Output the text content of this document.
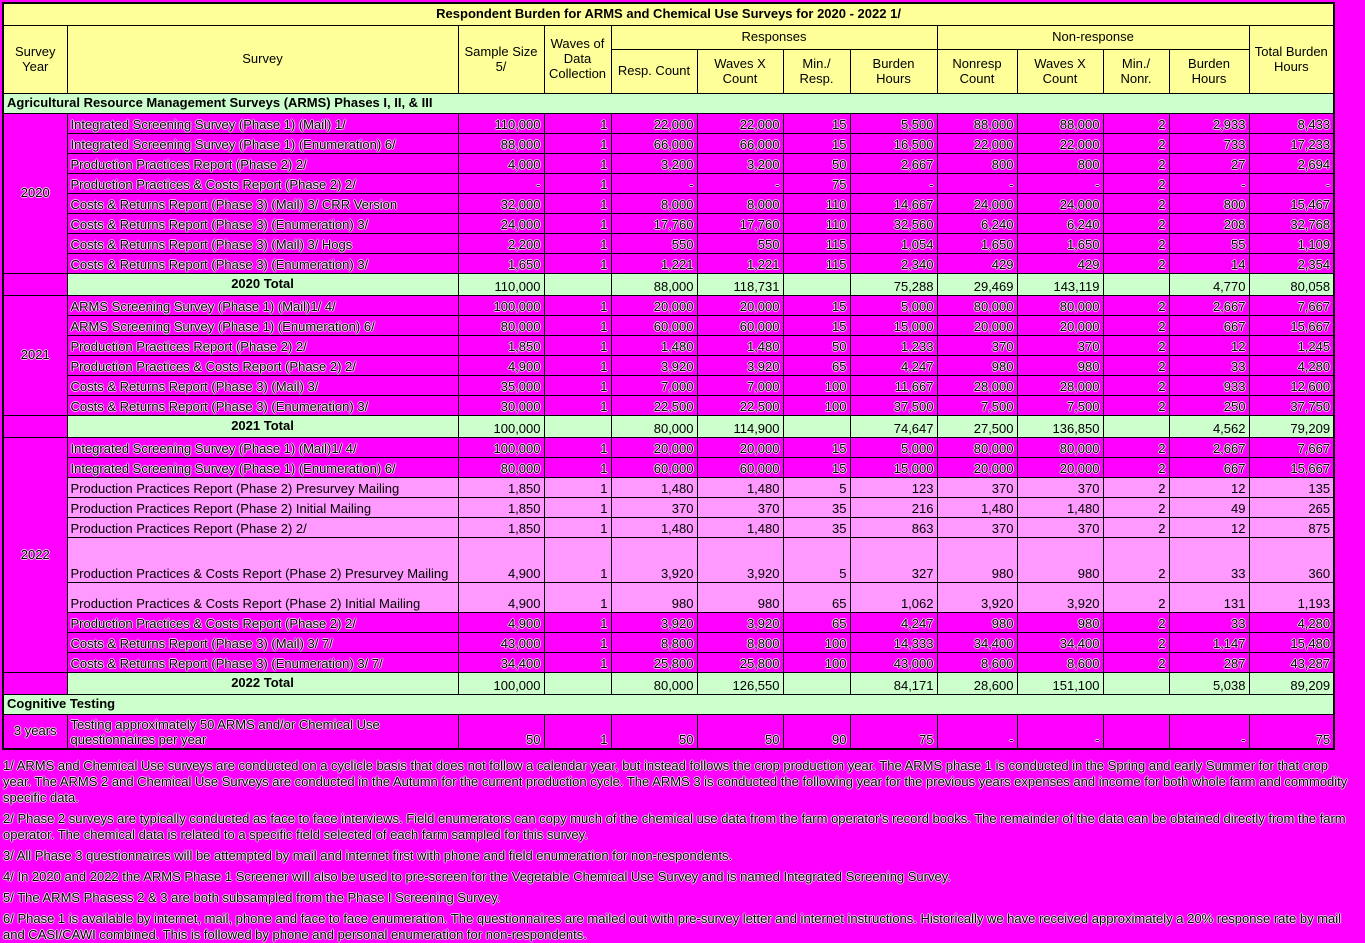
Respondent Burden for ARMS and Chemical Use Surveys for 2020 - 2022 1/												
Survey Year	Survey	Sample Size 5/	Waves of Data Collection	Responses				Non-response				Total Burden Hours
				Resp. Count	Waves X Count	Min./ Resp.	Burden Hours	Nonresp Count	Waves X Count	Min./ Nonr.	Burden Hours	
Agricultural Resource Management Surveys (ARMS) Phases I, II, & III												
2020	Integrated Screening Survey (Phase 1) (Mail) 1/	110,000	1	22,000	22,000	15	5,500	88,000	88,000	2	2,933	8,433
	Integrated Screening Survey (Phase 1) (Enumeration) 6/	88,000	1	66,000	66,000	15	16,500	22,000	22,000	2	733	17,233
	Production Practices Report (Phase 2) 2/	4,000	1	3,200	3,200	50	2,667	800	800	2	27	2,694
	Production Practices & Costs Report (Phase 2) 2/	-	1	-	-	75	-	-	-	2	-	-
	Costs & Returns Report (Phase 3) (Mail) 3/ CRR Version	32,000	1	8,000	8,000	110	14,667	24,000	24,000	2	800	15,467
	Costs & Returns Report (Phase 3) (Enumeration) 3/	24,000	1	17,760	17,760	110	32,560	6,240	6,240	2	208	32,768
	Costs & Returns Report (Phase 3) (Mail) 3/ Hogs	2,200	1	550	550	115	1,054	1,650	1,650	2	55	1,109
	Costs & Returns Report (Phase 3) (Enumeration) 3/	1,650	1	1,221	1,221	115	2,340	429	429	2	14	2,354
	2020 Total	110,000		88,000	118,731		75,288	29,469	143,119		4,770	80,058
2021	ARMS Screening Survey (Phase 1) (Mail)1/ 4/	100,000	1	20,000	20,000	15	5,000	80,000	80,000	2	2,667	7,667
	ARMS Screening Survey (Phase 1) (Enumeration) 6/	80,000	1	60,000	60,000	15	15,000	20,000	20,000	2	667	15,667
	Production Practices Report (Phase 2) 2/	1,850	1	1,480	1,480	50	1,233	370	370	2	12	1,245
	Production Practices & Costs Report (Phase 2) 2/	4,900	1	3,920	3,920	65	4,247	980	980	2	33	4,280
	Costs & Returns Report (Phase 3) (Mail) 3/	35,000	1	7,000	7,000	100	11,667	28,000	28,000	2	933	12,600
	Costs & Returns Report (Phase 3) (Enumeration) 3/	30,000	1	22,500	22,500	100	37,500	7,500	7,500	2	250	37,750
	2021 Total	100,000		80,000	114,900		74,647	27,500	136,850		4,562	79,209
2022	Integrated Screening Survey (Phase 1) (Mail)1/ 4/	100,000	1	20,000	20,000	15	5,000	80,000	80,000	2	2,667	7,667
	Integrated Screening Survey (Phase 1) (Enumeration) 6/	80,000	1	60,000	60,000	15	15,000	20,000	20,000	2	667	15,667
	Production Practices Report (Phase 2) Presurvey Mailing	1,850	1	1,480	1,480	5	123	370	370	2	12	135
	Production Practices Report (Phase 2) Initial Mailing	1,850	1	370	370	35	216	1,480	1,480	2	49	265
	Production Practices Report (Phase 2) 2/	1,850	1	1,480	1,480	35	863	370	370	2	12	875
	Production Practices & Costs Report (Phase 2) Presurvey Mailing	4,900	1	3,920	3,920	5	327	980	980	2	33	360
	Production Practices & Costs Report (Phase 2) Initial Mailing	4,900	1	980	980	65	1,062	3,920	3,920	2	131	1,193
	Production Practices & Costs Report (Phase 2) 2/	4,900	1	3,920	3,920	65	4,247	980	980	2	33	4,280
	Costs & Returns Report (Phase 3) (Mail) 3/ 7/	43,000	1	8,800	8,800	100	14,333	34,400	34,400	2	1,147	15,480
	Costs & Returns Report (Phase 3) (Enumeration) 3/ 7/	34,400	1	25,800	25,800	100	43,000	8,600	8,600	2	287	43,287
	2022 Total	100,000		80,000	126,550		84,171	28,600	151,100		5,038	89,209
Cognitive Testing												
3 years	Testing approximately 50 ARMS and/or Chemical Use questionnaires per year	50	1	50	50	90	75	-	-		-	75

1/ ARMS and Chemical Use surveys are conducted on a cyclicle basis that does not follow a calendar year, but instead follows the crop production year. The ARMS phase 1 is conducted in the Spring and early Summer for that crop year. The ARMS 2 and Chemical Use Surveys are conducted in the Autumn for the current production cycle. The ARMS 3 is conducted the following year for the previous years expenses and income for both whole farm and commodity specific data.

2/ Phase 2 surveys are typically conducted as face to face interviews. Field enumerators can copy much of the chemical use data from the farm operator's record books. The remainder of the data can be obtained directly from the farm operator. The chemical data is related to a specific field selected of each farm sampled for this survey.

3/ All Phase 3 questionnaires will be attempted by mail and internet first with phone and field enumeration for non-respondents.

4/ In 2020 and 2022 the ARMS Phase 1 Screener will also be used to pre-screen for the Vegetable Chemical Use Survey and is named Integrated Screening Survey.

5/ The ARMS Phasess 2 & 3 are both subsampled from the Phase I Screening Survey.

6/ Phase 1 is available by internet, mail, phone and face to face enumeration. The questionnaires are mailed out with pre-survey letter and internet instructions. Historically we have received approximately a 20% response rate by mail and CASI/CAWI combined. This is followed by phone and personal enumeration for non-respondents.
